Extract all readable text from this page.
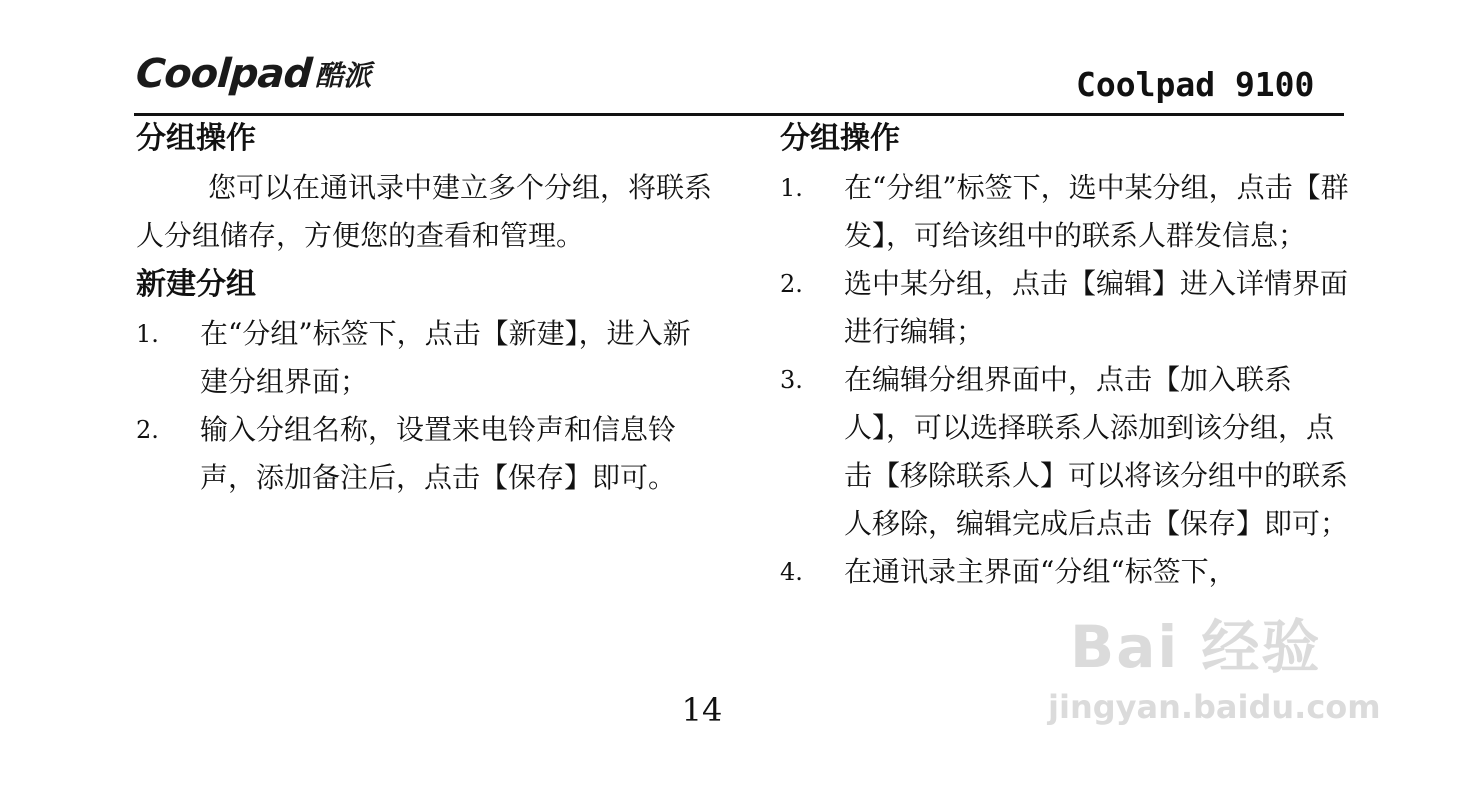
Coolpad 酷派	Coolpad 9100
分组操作

您可以在通讯录中建立多个分组，将联系人分组储存，方便您的查看和管理。

新建分组
1.	在“分组”标签下，点击【新建】，进入新建分组界面；
2.	输入分组名称，设置来电铃声和信息铃声，添加备注后，点击【保存】即可。
分组操作
1.	在“分组”标签下，选中某分组，点击【群发】，可给该组中的联系人群发信息；
2.	选中某分组，点击【编辑】进入详情界面进行编辑；
3.	在编辑分组界面中，点击【加入联系人】，可以选择联系人添加到该分组，点击【移除联系人】可以将该分组中的联系人移除，编辑完成后点击【保存】即可；
4.	在通讯录主界面“分组“标签下，
14
Bai 经验
jingyan.baidu.com
